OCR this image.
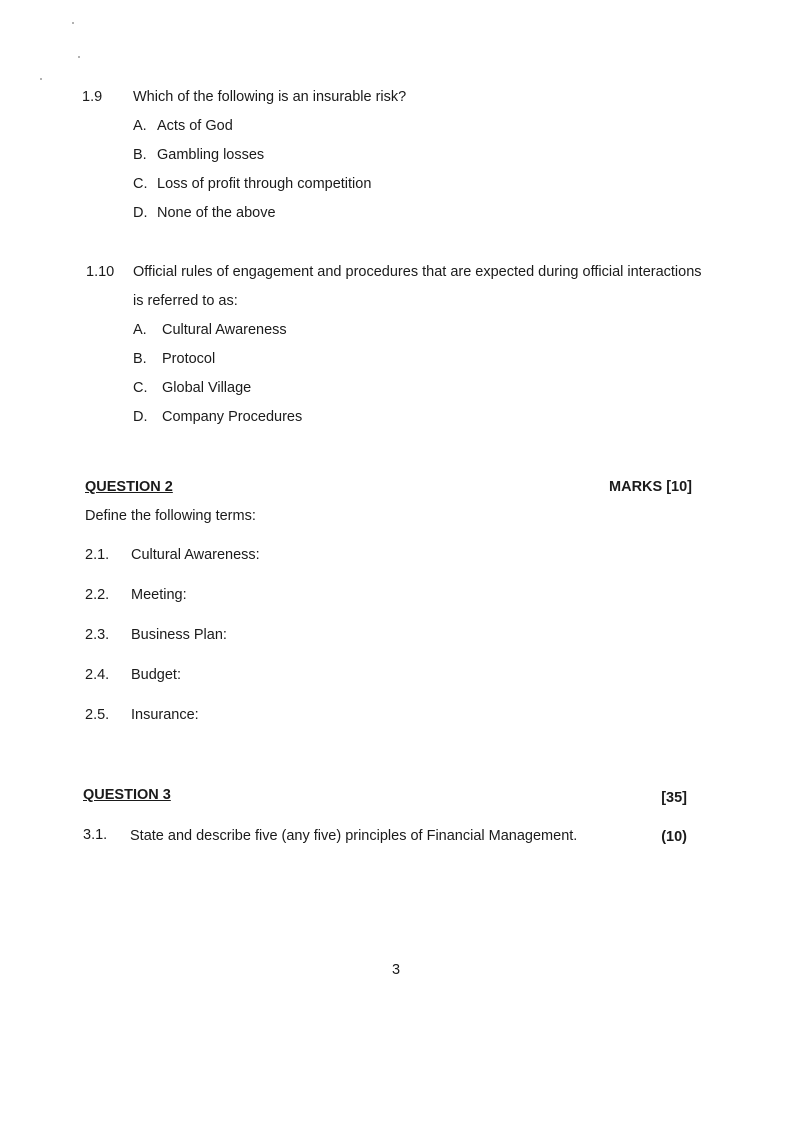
1.9 Which of the following is an insurable risk?
A. Acts of God
B. Gambling losses
C. Loss of profit through competition
D. None of the above
1.10 Official rules of engagement and procedures that are expected during official interactions
is referred to as:
A. Cultural Awareness
B. Protocol
C. Global Village
D. Company Procedures
QUESTION 2	MARKS [10]
Define the following terms:
2.1. Cultural Awareness:
2.2. Meeting:
2.3. Business Plan:
2.4. Budget:
2.5. Insurance:
QUESTION 3	[35]
3.1. State and describe five (any five) principles of Financial Management.	(10)
3
